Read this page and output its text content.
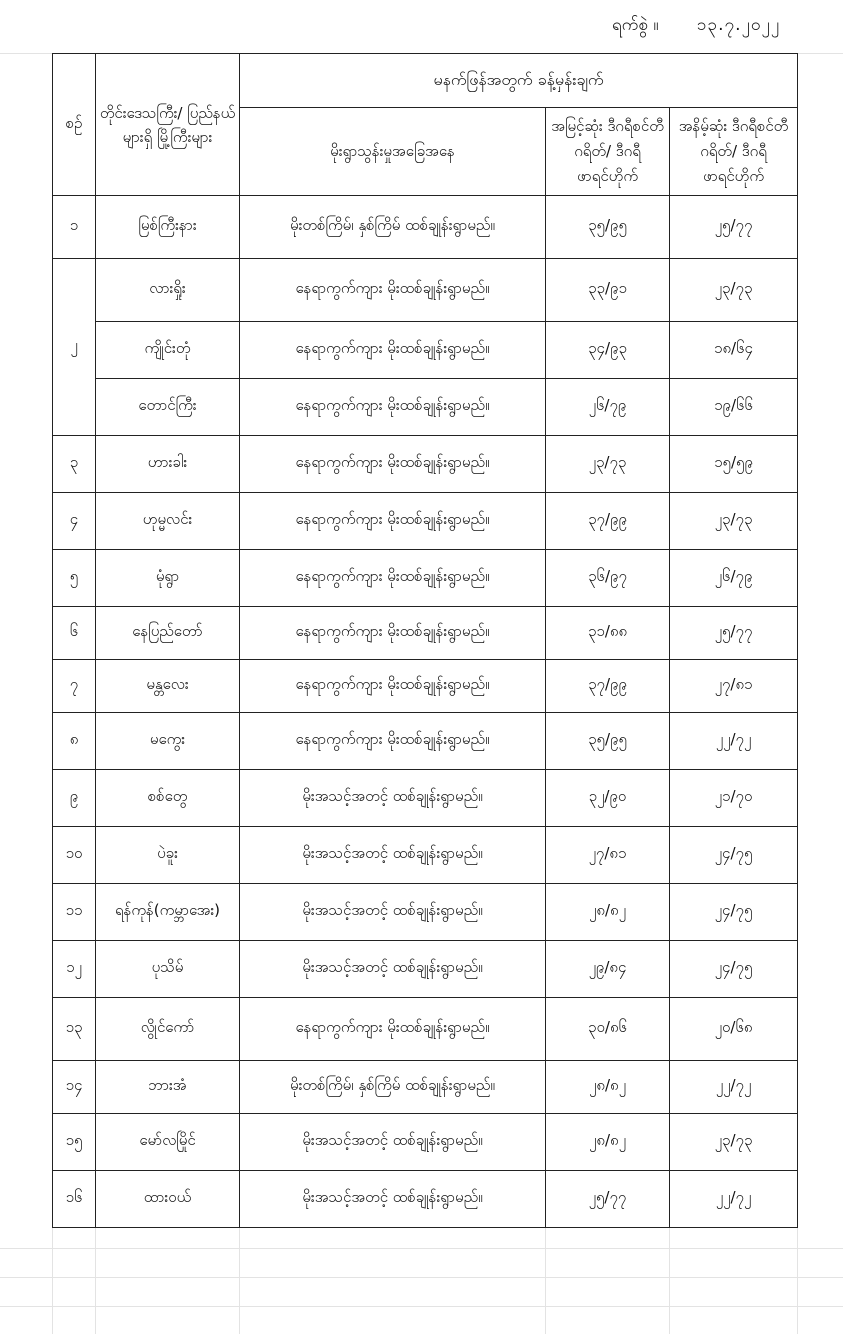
ရက်စွဲ ။ ၁၃.၇.၂၀၂၂
စဉ်	တိုင်းဒေသကြီး/ ပြည်နယ်များရှိ မြို့ကြီးများ	မနက်ဖြန်အတွက် ခန့်မှန်းချက်		
		မိုးရွာသွန်းမှုအခြေအနေ	အမြင့်ဆုံး ဒီဂရီစင်တီဂရိတ်/ ဒီဂရီဖာရင်ဟိုက်	အနိမ့်ဆုံး ဒီဂရီစင်တီဂရိတ်/ ဒီဂရီဖာရင်ဟိုက်
၁	မြစ်ကြီးနား	မိုးတစ်ကြိမ်၊ နှစ်ကြိမ် ထစ်ချုန်းရွာမည်။	၃၅/၉၅	၂၅/၇၇
၂	လားရှိုး	နေရာကွက်ကျား မိုးထစ်ချုန်းရွာမည်။	၃၃/၉၁	၂၃/၇၃
	ကျိုင်းတုံ	နေရာကွက်ကျား မိုးထစ်ချုန်းရွာမည်။	၃၄/၉၃	၁၈/၆၄
	တောင်ကြီး	နေရာကွက်ကျား မိုးထစ်ချုန်းရွာမည်။	၂၆/၇၉	၁၉/၆၆
၃	ဟားခါး	နေရာကွက်ကျား မိုးထစ်ချုန်းရွာမည်။	၂၃/၇၃	၁၅/၅၉
၄	ဟုမ္မလင်း	နေရာကွက်ကျား မိုးထစ်ချုန်းရွာမည်။	၃၇/၉၉	၂၃/၇၃
၅	မုံရွာ	နေရာကွက်ကျား မိုးထစ်ချုန်းရွာမည်။	၃၆/၉၇	၂၆/၇၉
၆	နေပြည်တော်	နေရာကွက်ကျား မိုးထစ်ချုန်းရွာမည်။	၃၁/၈၈	၂၅/၇၇
၇	မန္တလေး	နေရာကွက်ကျား မိုးထစ်ချုန်းရွာမည်။	၃၇/၉၉	၂၇/၈၁
၈	မကွေး	နေရာကွက်ကျား မိုးထစ်ချုန်းရွာမည်။	၃၅/၉၅	၂၂/၇၂
၉	စစ်တွေ	မိုးအသင့်အတင့် ထစ်ချုန်းရွာမည်။	၃၂/၉၀	၂၁/၇၀
၁၀	ပဲခူး	မိုးအသင့်အတင့် ထစ်ချုန်းရွာမည်။	၂၇/၈၁	၂၄/၇၅
၁၁	ရန်ကုန်(ကမ္ဘာအေး)	မိုးအသင့်အတင့် ထစ်ချုန်းရွာမည်။	၂၈/၈၂	၂၄/၇၅
၁၂	ပုသိမ်	မိုးအသင့်အတင့် ထစ်ချုန်းရွာမည်။	၂၉/၈၄	၂၄/၇၅
၁၃	လွိုင်ကော်	နေရာကွက်ကျား မိုးထစ်ချုန်းရွာမည်။	၃၀/၈၆	၂၀/၆၈
၁၄	ဘားအံ	မိုးတစ်ကြိမ်၊ နှစ်ကြိမ် ထစ်ချုန်းရွာမည်။	၂၈/၈၂	၂၂/၇၂
၁၅	မော်လမြိုင်	မိုးအသင့်အတင့် ထစ်ချုန်းရွာမည်။	၂၈/၈၂	၂၃/၇၃
၁၆	ထားဝယ်	မိုးအသင့်အတင့် ထစ်ချုန်းရွာမည်။	၂၅/၇၇	၂၂/၇၂
